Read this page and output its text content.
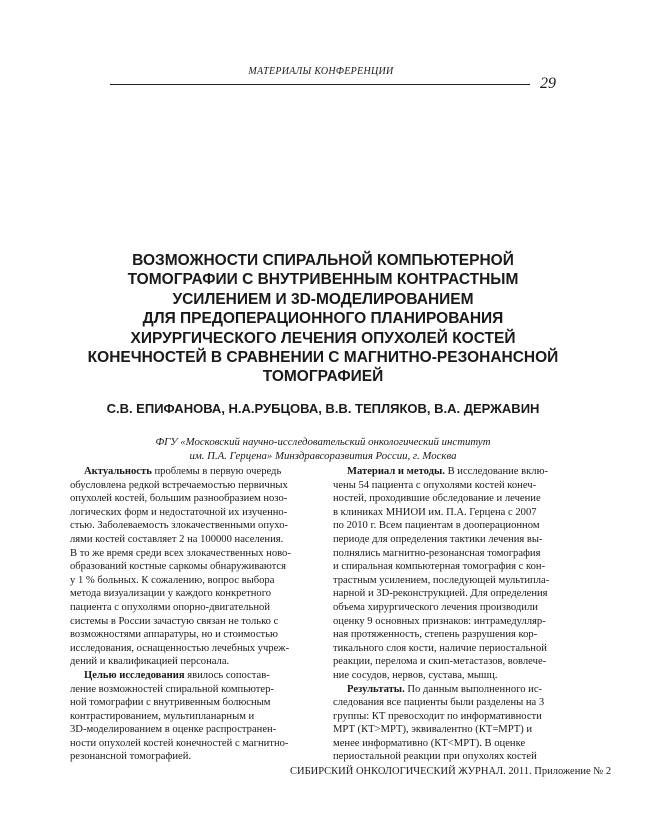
МАТЕРИАЛЫ КОНФЕРЕНЦИИ
29
ВОЗМОЖНОСТИ СПИРАЛЬНОЙ КОМПЬЮТЕРНОЙ
ТОМОГРАФИИ С ВНУТРИВЕННЫМ КОНТРАСТНЫМ
УСИЛЕНИЕМ И 3D-МОДЕЛИРОВАНИЕМ
ДЛЯ ПРЕДОПЕРАЦИОННОГО ПЛАНИРОВАНИЯ
ХИРУРГИЧЕСКОГО ЛЕЧЕНИЯ ОПУХОЛЕЙ КОСТЕЙ
КОНЕЧНОСТЕЙ В СРАВНЕНИИ С МАГНИТНО-РЕЗОНАНСНОЙ
ТОМОГРАФИЕЙ
С.В. ЕПИФАНОВА, Н.А.РУБЦОВА, В.В. ТЕПЛЯКОВ, В.А. ДЕРЖАВИН
ФГУ «Московский научно-исследовательский онкологический институт
им. П.А. Герцена» Минздравсоразвития России, г. Москва
Актуальность проблемы в первую очередь
обусловлена редкой встречаемостью первичных
опухолей костей, большим разнообразием нозо-
логических форм и недостаточной их изученно-
стью. Заболеваемость злокачественными опухо-
лями костей составляет 2 на 100000 населения.
В то же время среди всех злокачественных ново-
образований костные саркомы обнаруживаются
у 1 % больных. К сожалению, вопрос выбора
метода визуализации у каждого конкретного
пациента с опухолями опорно-двигательной
системы в России зачастую связан не только с
возможностями аппаратуры, но и стоимостью
исследования, оснащенностью лечебных учреж-
дений и квалификацией персонала.
Целью исследования явилось сопостав-
ление возможностей спиральной компьютер-
ной томографии с внутривенным болюсным
контрастированием, мультипланарным и
3D-моделированием в оценке распространен-
ности опухолей костей конечностей с магнитно-
резонансной томографией.
Материал и методы. В исследование вклю-
чены 54 пациента с опухолями костей конеч-
ностей, проходившие обследование и лечение
в клиниках МНИОИ им. П.А. Герцена с 2007
по 2010 г. Всем пациентам в дооперационном
периоде для определения тактики лечения вы-
полнялись магнитно-резонансная томография
и спиральная компьютерная томография с кон-
трастным усилением, последующей мультипла-
нарной и 3D-реконструкцией. Для определения
объема хирургического лечения производили
оценку 9 основных признаков: интрамедулляр-
ная протяженность, степень разрушения кор-
тикального слоя кости, наличие периостальной
реакции, перелома и скип-метастазов, вовлече-
ние сосудов, нервов, сустава, мышц.
Результаты. По данным выполненного ис-
следования все пациенты были разделены на 3
группы: КТ превосходит по информативности
МРТ (КТ>МРТ), эквивалентно (КТ=МРТ) и
менее информативно (КТ<МРТ). В оценке
периостальной реакции при опухолях костей
СИБИРСКИЙ ОНКОЛОГИЧЕСКИЙ ЖУРНАЛ. 2011. Приложение № 2
